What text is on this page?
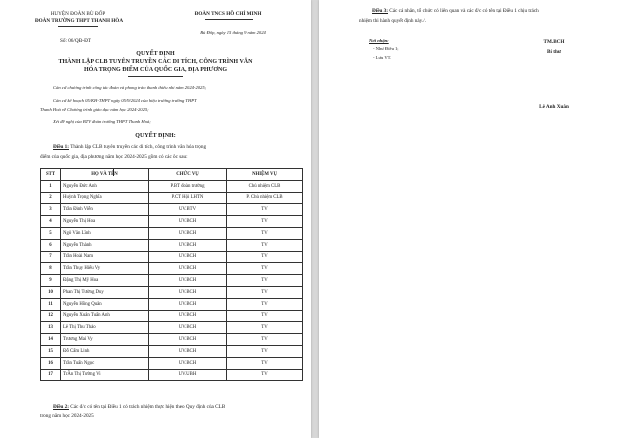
HUYỆN ĐOÀN BÙ ĐỐP
ĐOÀN TRƯỜNG THPT THANH HÒA
ĐOÀN TNCS HỒ CHÍ MINH
Bù Đốp, ngày 15 tháng 9 năm 2024
Số: 06/QĐ-ĐT
QUYẾT ĐỊNH
THÀNH LẬP CLB TUYÊN TRUYỀN CÁC DI TÍCH, CÔNG TRÌNH VĂN
HÓA TRỌNG ĐIỂM CỦA QUỐC GIA, ĐỊA PHƯƠNG
Căn cứ chương trình công tác đoàn và phong trào thanh thiếu nhi năm 2024-2025;
Căn cứ kế hoạch 05/KH-THPT ngày 05/9/2024 của hiệu trưởng trường THPT
Thanh Hoà về Chương trình giáo dục năm học 2024-2025;
Xét đề nghị của BTV đoàn trường THPT Thanh Hoà;
QUYẾT ĐỊNH:
Điều 1: Thành lập CLB tuyên truyền các di tích, công trình văn hóa trọng
điểm của quốc gia, địa phương năm học 2024-2025 gồm có các ôc sau:
STT	HỌ VÀ TÊN	CHỨC VỤ	NHIỆM VỤ
1	Nguyễn Đức Anh	P.BT đoàn trường	Chủ nhiệm CLB
2	Huỳnh Trọng Nghĩa	P.CT Hội LHTN	P. Chủ nhiệm CLB
3	Trần Đình Viễn	UV.BTV	TV
4	Nguyễn Thị Hoa	UV.BCH	TV
5	Ngô Văn Lĩnh	UV.BCH	TV
6	Nguyễn Thành	UV.BCH	TV
7	Trần Hoài Nam	UV.BCH	TV
8	Trần Thụy Hiểu Vy	UV.BCH	TV
9	Đặng Thị Mỹ Hoa	UV.BCH	TV
10	Phan Thị Tường Duy	UV.BCH	TV
11	Nguyễn Hồng Quân	UV.BCH	TV
12	Nguyễn Xuân Tuấn Anh	UV.BCH	TV
13	Lê Thị Thu Thảo	UV.BCH	TV
14	Trương Mai Vy	UV.BCH	TV
15	Đỗ Cẩm Linh	UV.BCH	TV
16	Trần Tuấn Ngọc	UV.BCH	TV
17	TrẦn Thị Tường Vi	UV.UBH	TV
Điều 2: Các đ/c có tên tại Điều 1 có trách nhiệm thực hiện theo Quy định của CLB
trong năm học 2024-2025
Điều 3: Các cá nhân, tổ chức có liên quan và các đ/c có tên tại Điều 1 chịu trách
nhiệm thi hành quyết định này./.
Nơi nhận:
- Như Điều 1;
- Lưu VT.
TM.BCH
Bí thư
Lê Anh Xuân
